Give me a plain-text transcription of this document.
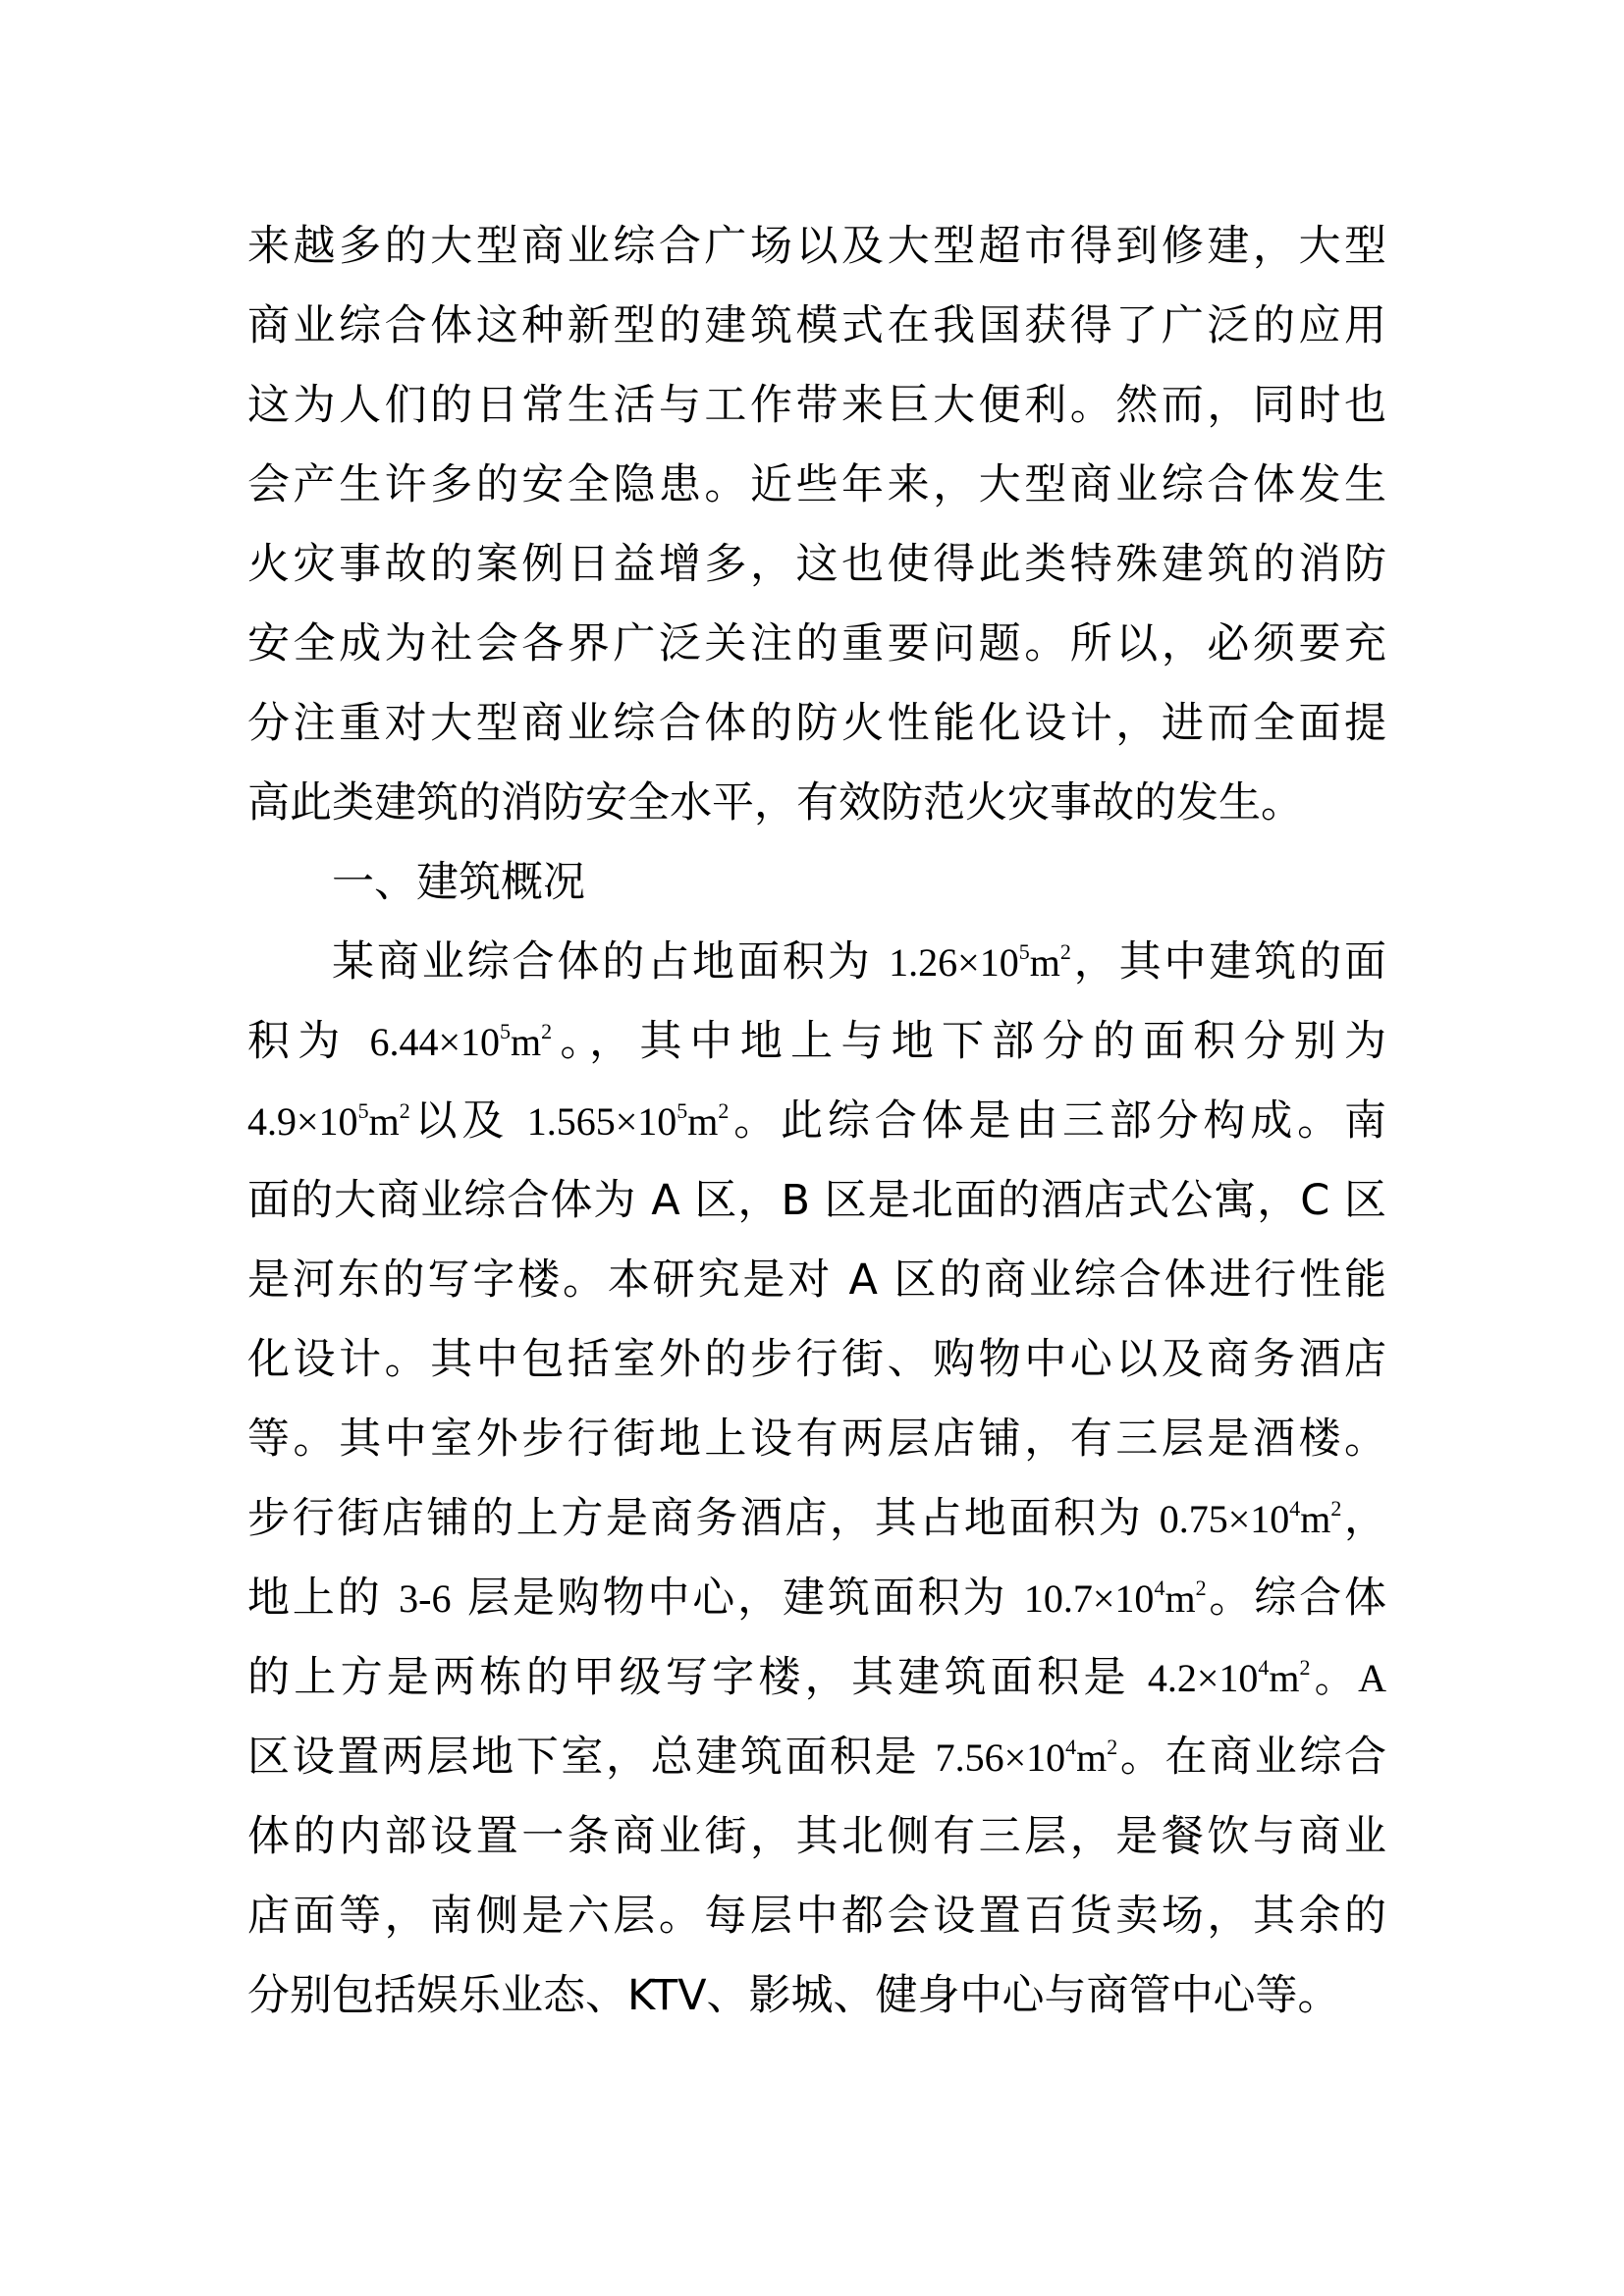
来越多的大型商业综合广场以及大型超市得到修建，大型
商业综合体这种新型的建筑模式在我国获得了广泛的应用
这为人们的日常生活与工作带来巨大便利。然而，同时也
会产生许多的安全隐患。近些年来，大型商业综合体发生
火灾事故的案例日益增多，这也使得此类特殊建筑的消防
安全成为社会各界广泛关注的重要问题。所以，必须要充
分注重对大型商业综合体的防火性能化设计，进而全面提
高此类建筑的消防安全水平，有效防范火灾事故的发生。
一、建筑概况
某商业综合体的占地面积为 $1.26\times 10^5m^2$，其中建筑的面
积为 $6.44\times 10^5m^2$。，其中地上与地下部分的面积分别为
$4.9\times 10^5m^2$以及 $1.565\times 10^5m^2$。此综合体是由三部分构成。南
面的大商业综合体为 A 区，B 区是北面的酒店式公寓，C 区
是河东的写字楼。本研究是对 A 区的商业综合体进行性能
化设计。其中包括室外的步行街、购物中心以及商务酒店
等。其中室外步行街地上设有两层店铺，有三层是酒楼。
步行街店铺的上方是商务酒店，其占地面积为 $0.75\times 10^4m^2$，
地上的 3-6 层是购物中心，建筑面积为 $10.7\times 10^4m^2$。综合体
的上方是两栋的甲级写字楼，其建筑面积是 $4.2\times 10^4m^2$。A
区设置两层地下室，总建筑面积是 $7.56\times 10^4m^2$。在商业综合
体的内部设置一条商业街，其北侧有三层，是餐饮与商业
店面等，南侧是六层。每层中都会设置百货卖场，其余的
分别包括娱乐业态、KTV、影城、健身中心与商管中心等。
